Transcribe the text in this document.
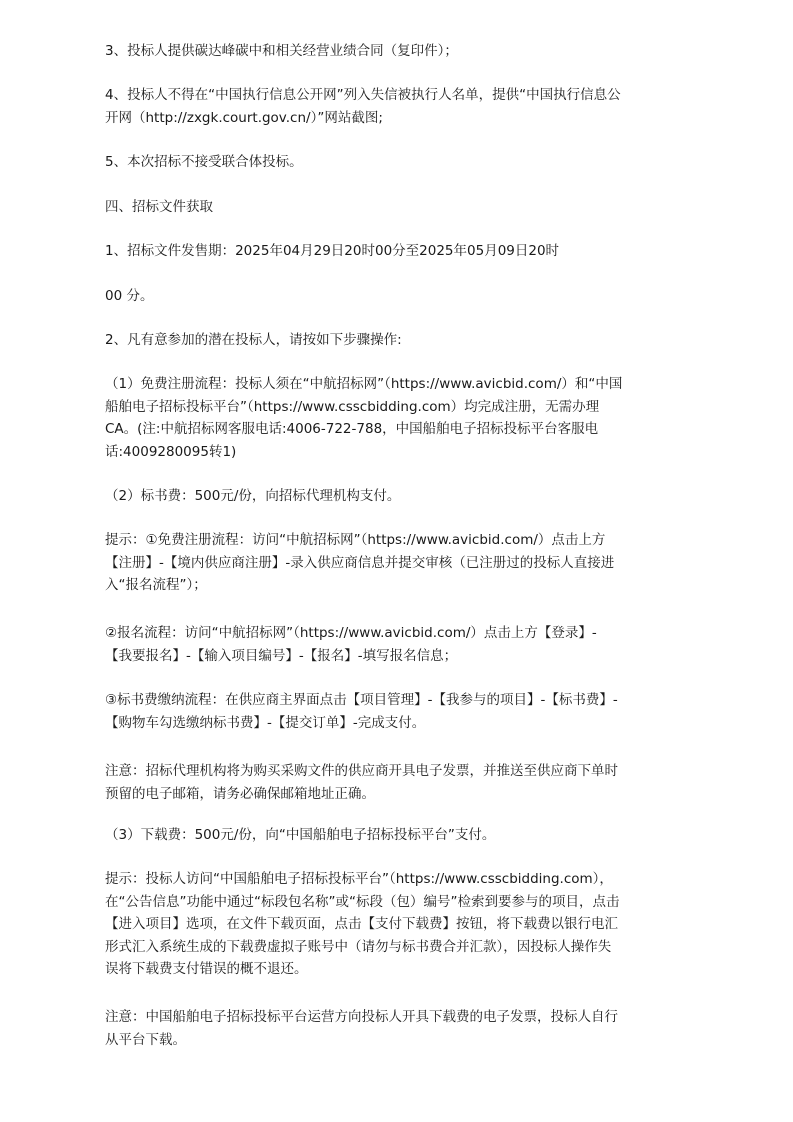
3、投标人提供碳达峰碳中和相关经营业绩合同（复印件）；
4、投标人不得在“中国执行信息公开网”列入失信被执行人名单，提供“中国执行信息公
开网（http://zxgk.court.gov.cn/）”网站截图;
5、本次招标不接受联合体投标。
四、招标文件获取
1、招标文件发售期：2025年04月29日20时00分至2025年05月09日20时
00 分。
2、凡有意参加的潜在投标人，请按如下步骤操作:
（1）免费注册流程：投标人须在“中航招标网”（https://www.avicbid.com/）和“中国
船舶电子招标投标平台”（https://www.csscbidding.com）均完成注册，无需办理
CA。(注:中航招标网客服电话:4006-722-788，中国船舶电子招标投标平台客服电
话:4009280095转1)
（2）标书费：500元/份，向招标代理机构支付。
提示：①免费注册流程：访问“中航招标网”（https://www.avicbid.com/）点击上方
【注册】-【境内供应商注册】-录入供应商信息并提交审核（已注册过的投标人直接进
入“报名流程”）；
②报名流程：访问“中航招标网”（https://www.avicbid.com/）点击上方【登录】-
【我要报名】-【输入项目编号】-【报名】-填写报名信息；
③标书费缴纳流程：在供应商主界面点击【项目管理】-【我参与的项目】-【标书费】-
【购物车勾选缴纳标书费】-【提交订单】-完成支付。
注意：招标代理机构将为购买采购文件的供应商开具电子发票，并推送至供应商下单时
预留的电子邮箱，请务必确保邮箱地址正确。
（3）下载费：500元/份，向“中国船舶电子招标投标平台”支付。
提示：投标人访问“中国船舶电子招标投标平台”（https://www.csscbidding.com），
在“公告信息”功能中通过“标段包名称”或“标段（包）编号”检索到要参与的项目，点击
【进入项目】选项，在文件下载页面，点击【支付下载费】按钮，将下载费以银行电汇
形式汇入系统生成的下载费虚拟子账号中（请勿与标书费合并汇款），因投标人操作失
误将下载费支付错误的概不退还。
注意：中国船舶电子招标投标平台运营方向投标人开具下载费的电子发票，投标人自行
从平台下载。
